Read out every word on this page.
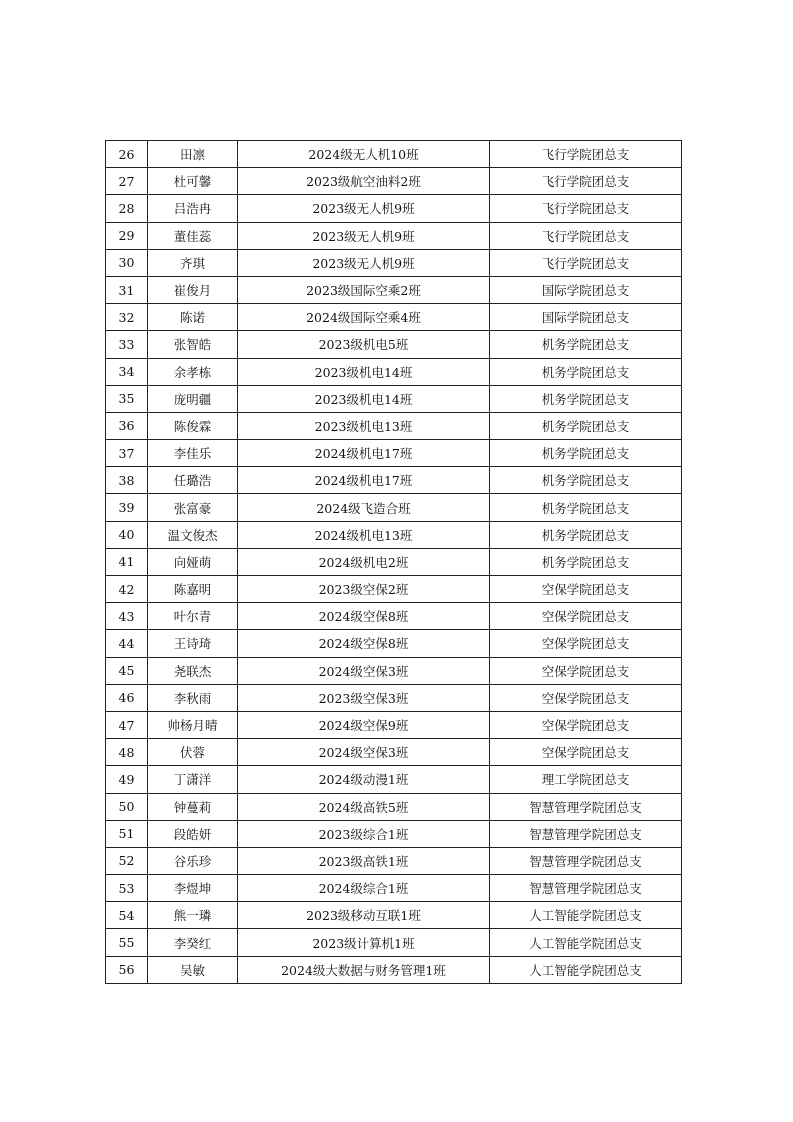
26	田凛	2024级无人机10班	飞行学院团总支
27	杜可馨	2023级航空油料2班	飞行学院团总支
28	吕浩冉	2023级无人机9班	飞行学院团总支
29	董佳蕊	2023级无人机9班	飞行学院团总支
30	齐琪	2023级无人机9班	飞行学院团总支
31	崔俊月	2023级国际空乘2班	国际学院团总支
32	陈诺	2024级国际空乘4班	国际学院团总支
33	张智皓	2023级机电5班	机务学院团总支
34	余孝栋	2023级机电14班	机务学院团总支
35	庞明疆	2023级机电14班	机务学院团总支
36	陈俊霖	2023级机电13班	机务学院团总支
37	李佳乐	2024级机电17班	机务学院团总支
38	任璐浩	2024级机电17班	机务学院团总支
39	张富豪	2024级飞造合班	机务学院团总支
40	温文俊杰	2024级机电13班	机务学院团总支
41	向娅萌	2024级机电2班	机务学院团总支
42	陈嘉明	2023级空保2班	空保学院团总支
43	叶尔青	2024级空保8班	空保学院团总支
44	王诗琦	2024级空保8班	空保学院团总支
45	尧联杰	2024级空保3班	空保学院团总支
46	李秋雨	2023级空保3班	空保学院团总支
47	帅杨月晴	2024级空保9班	空保学院团总支
48	伏蓉	2024级空保3班	空保学院团总支
49	丁潇洋	2024级动漫1班	理工学院团总支
50	钟蔓莉	2024级高铁5班	智慧管理学院团总支
51	段皓妍	2023级综合1班	智慧管理学院团总支
52	谷乐珍	2023级高铁1班	智慧管理学院团总支
53	李煜坤	2024级综合1班	智慧管理学院团总支
54	熊一璘	2023级移动互联1班	人工智能学院团总支
55	李癸红	2023级计算机1班	人工智能学院团总支
56	吴敏	2024级大数据与财务管理1班	人工智能学院团总支
